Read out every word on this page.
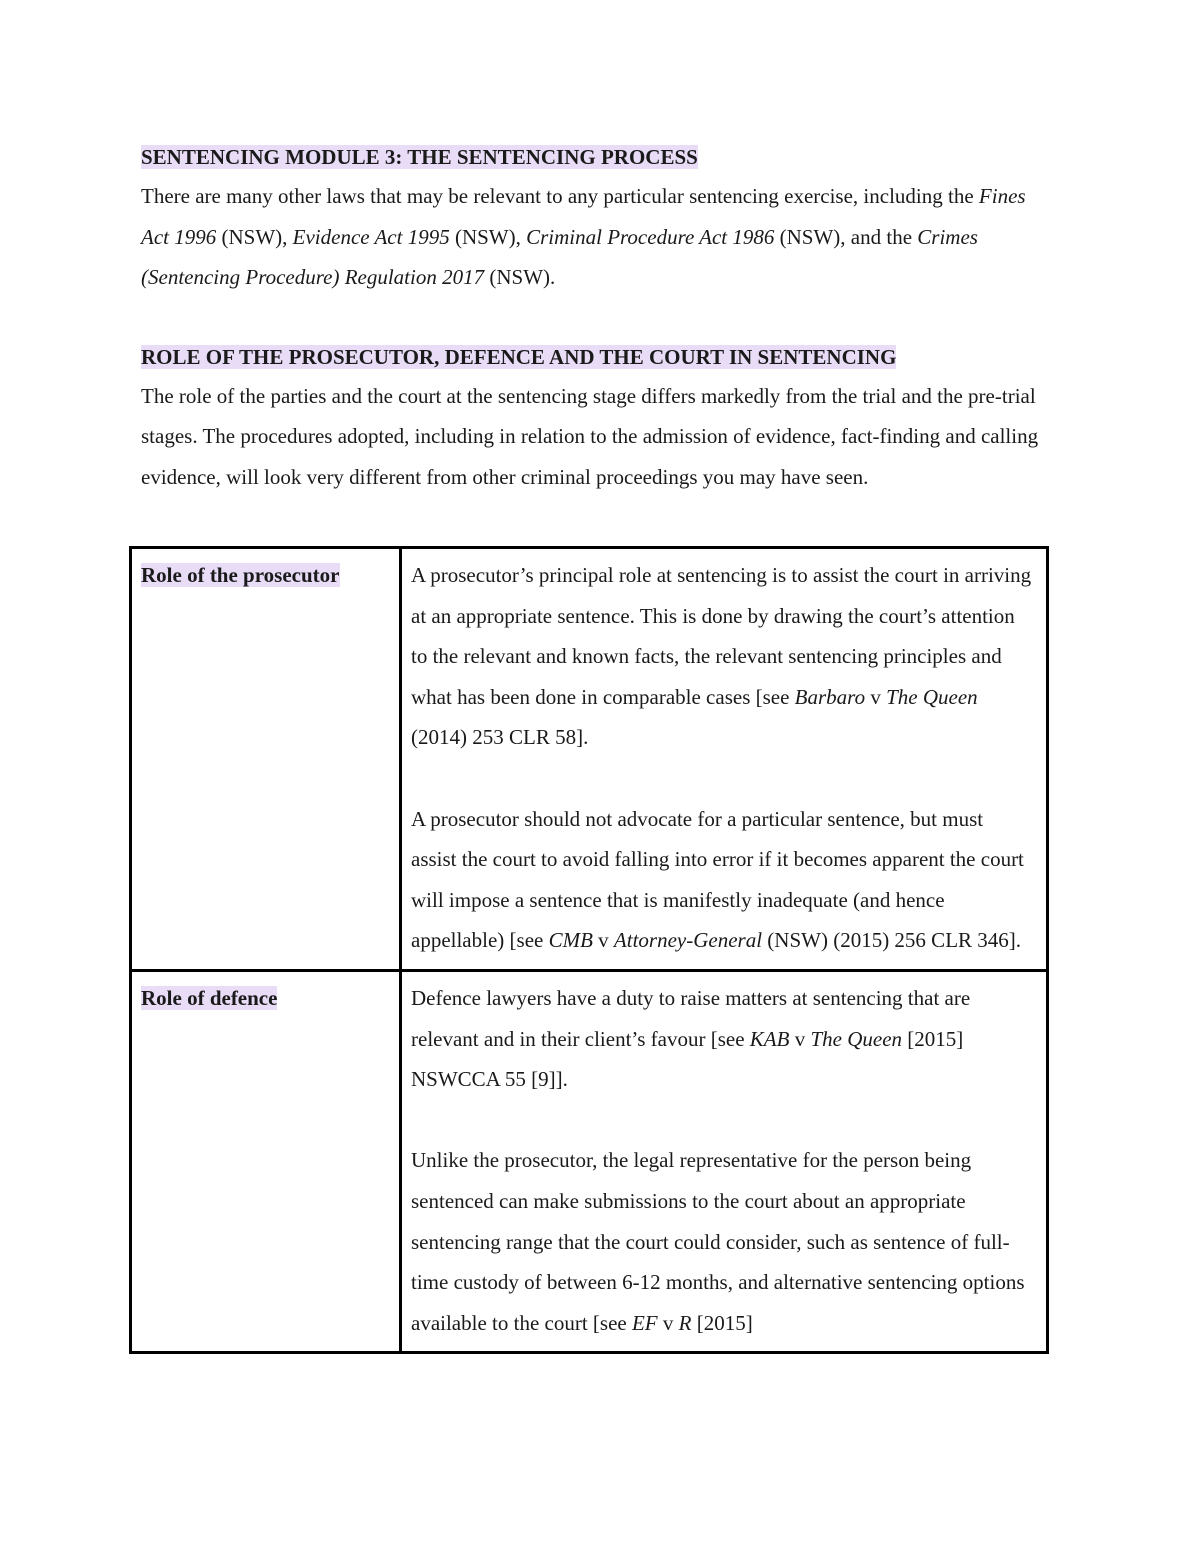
SENTENCING MODULE 3: THE SENTENCING PROCESS

There are many other laws that may be relevant to any particular sentencing exercise, including the Fines Act 1996 (NSW), Evidence Act 1995 (NSW), Criminal Procedure Act 1986 (NSW), and the Crimes (Sentencing Procedure) Regulation 2017 (NSW).

ROLE OF THE PROSECUTOR, DEFENCE AND THE COURT IN SENTENCING

The role of the parties and the court at the sentencing stage differs markedly from the trial and the pre-trial stages. The procedures adopted, including in relation to the admission of evidence, fact-finding and calling evidence, will look very different from other criminal proceedings you may have seen.

Role of the prosecutor	A prosecutor’s principal role at sentencing is to assist the court in arriving at an appropriate sentence. This is done by drawing the court’s attention to the relevant and known facts, the relevant sentencing principles and what has been done in comparable cases [see Barbaro v The Queen (2014) 253 CLR 58].

A prosecutor should not advocate for a particular sentence, but must assist the court to avoid falling into error if it becomes apparent the court will impose a sentence that is manifestly inadequate (and hence appellable) [see CMB v Attorney-General (NSW) (2015) 256 CLR 346].

Role of defence	Defence lawyers have a duty to raise matters at sentencing that are relevant and in their client’s favour [see KAB v The Queen [2015] NSWCCA 55 [9]].

Unlike the prosecutor, the legal representative for the person being sentenced can make submissions to the court about an appropriate sentencing range that the court could consider, such as sentence of full-time custody of between 6-12 months, and alternative sentencing options available to the court [see EF v R [2015]
